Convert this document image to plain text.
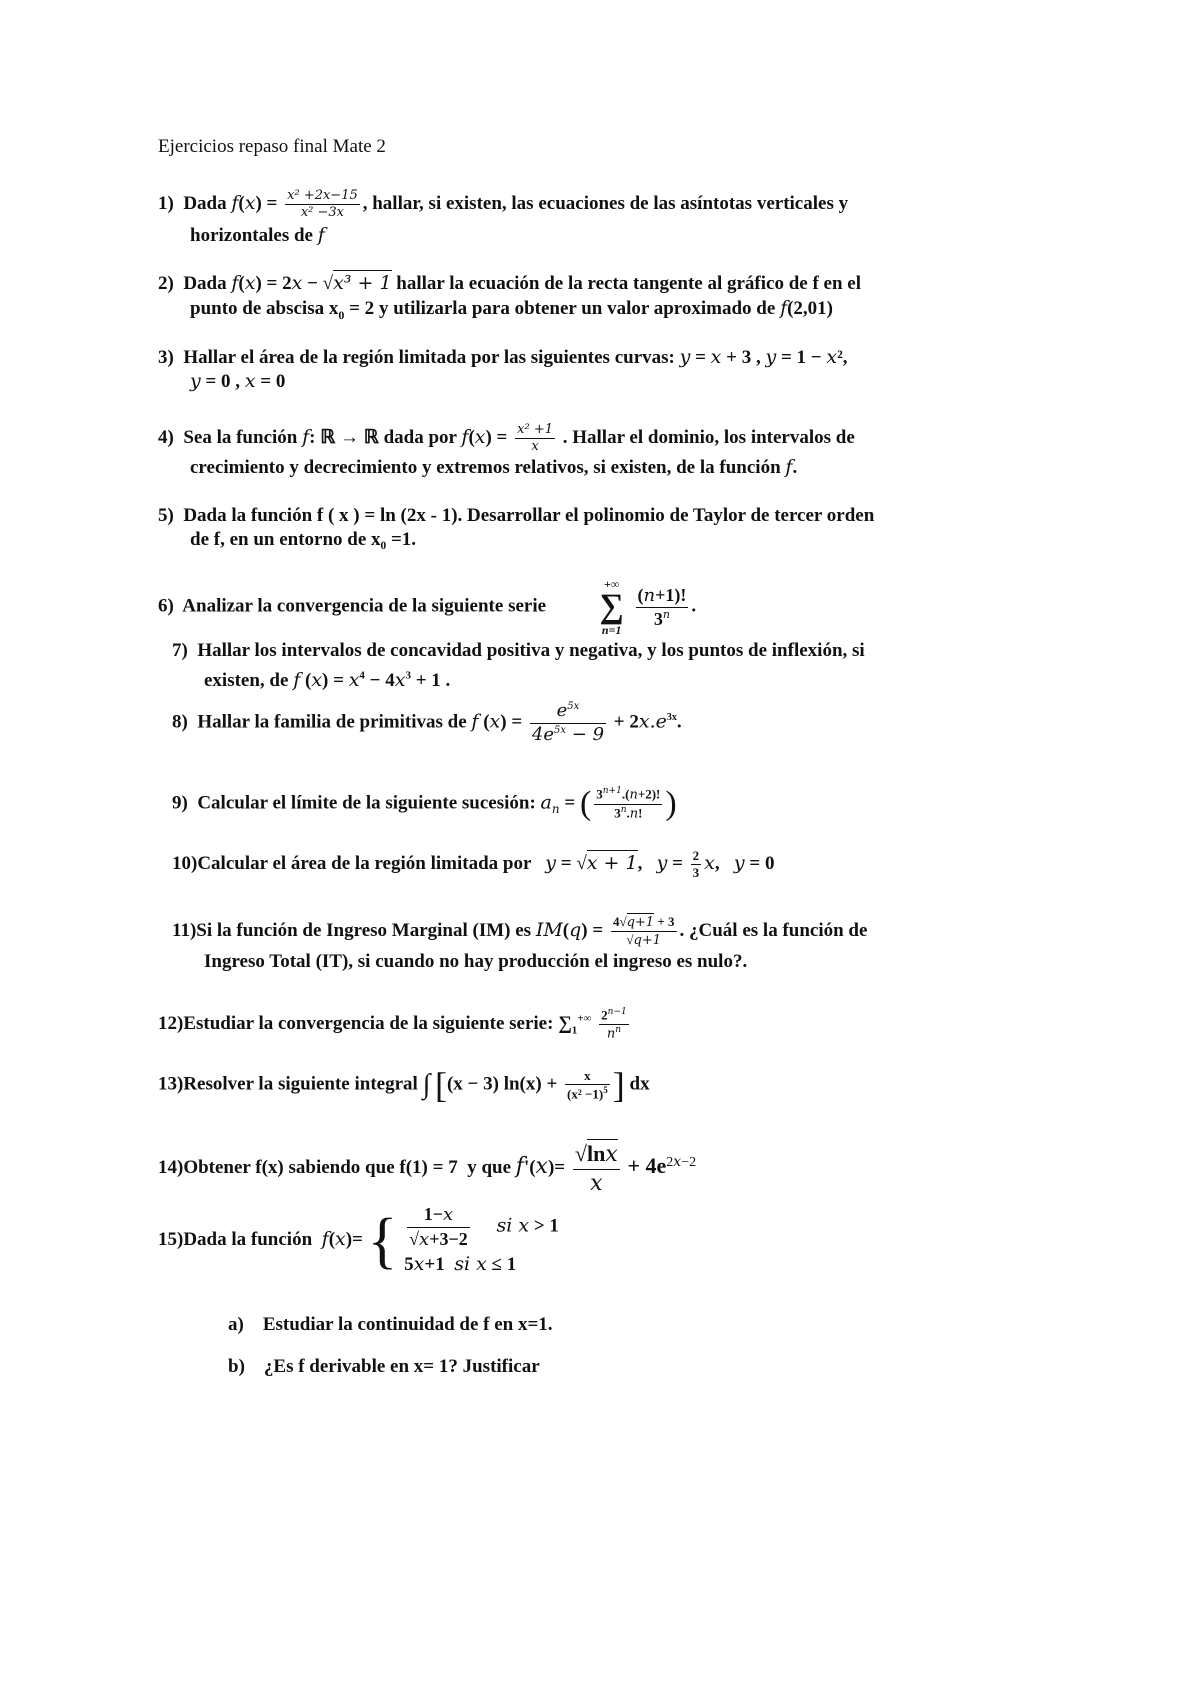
Ejercicios repaso final Mate 2
1) Dada $f(x) = \frac{\text{x² +2x−15}}{\text{x² −3x}}$ , hallar, si existen, las ecuaciones de las asíntotas verticales y
horizontales de f
2) Dada f(x) = 2x − √x³ + 1 hallar la ecuación de la recta tangente al gráfico de f en el
punto de abscisa $x_0 = 2$ y utilizarla para obtener un valor aproximado de f(2,01)
3) Hallar el área de la región limitada por las siguientes curvas: y = x + 3 , y = 1 − x²,
y = 0 , x = 0
4) Sea la función f: ℝ → ℝ dada por $f(x) = \frac{\text{x² +1}}{x}$ . Hallar el dominio, los intervalos de
crecimiento y decrecimiento y extremos relativos, si existen, de la función f.
5) Dada la función f ( x ) = ln (2x - 1). Desarrollar el polinomio de Taylor de tercer orden
de f, en un entorno de x₀ =1.
6) Analizar la convergencia de la siguiente serie
+∞
∑
n=1
$\frac{(n+1)!}{3^n}$ .
7) Hallar los intervalos de concavidad positiva y negativa, y los puntos de inflexión, si
existen, de f $(x) = x^4 - 4x^3 + 1$ .
8) Hallar la familia de primitivas de f $(x) = \frac{e^{5x}}{4e^{5x} - 9} + 2x.e^{3x}$.
9) Calcular el límite de la siguiente sucesión: $a_n$ = ( $\frac{3^{n+1}.(n+2)!}{3^n.n!}$ )
10)Calcular el área de la región limitada por y = √x + 1,   $y = \frac{2}{3} x$,   y = 0
11)Si la función de Ingreso Marginal (IM) es $IM(q) = \frac{4√q+1 + 3}{√q+1}$ . ¿Cuál es la función de
Ingreso Total (IT), si cuando no hay producción el ingreso es nulo?.
12)Estudiar la convergencia de la siguiente serie: $\sum_1^{+\infty} \frac{2^{n-1}}{n^n}$
13)Resolver la siguiente integral ∫ [(x − 3) $\ln(x) + \frac{x}{(x^2 -1)^5}$ ] dx
14)Obtener f(x) sabiendo que f(1) = 7  y que $f'(x)= \frac{√\ln x}{x} + 4e^{2x-2}$
15)Dada la función f(x)= { $\frac{1-x}{√x+3-2}$ si x > 1
5x+1  si x ≤ 1
a) Estudiar la continuidad de f en x=1.
b) ¿Es f derivable en x= 1? Justificar
